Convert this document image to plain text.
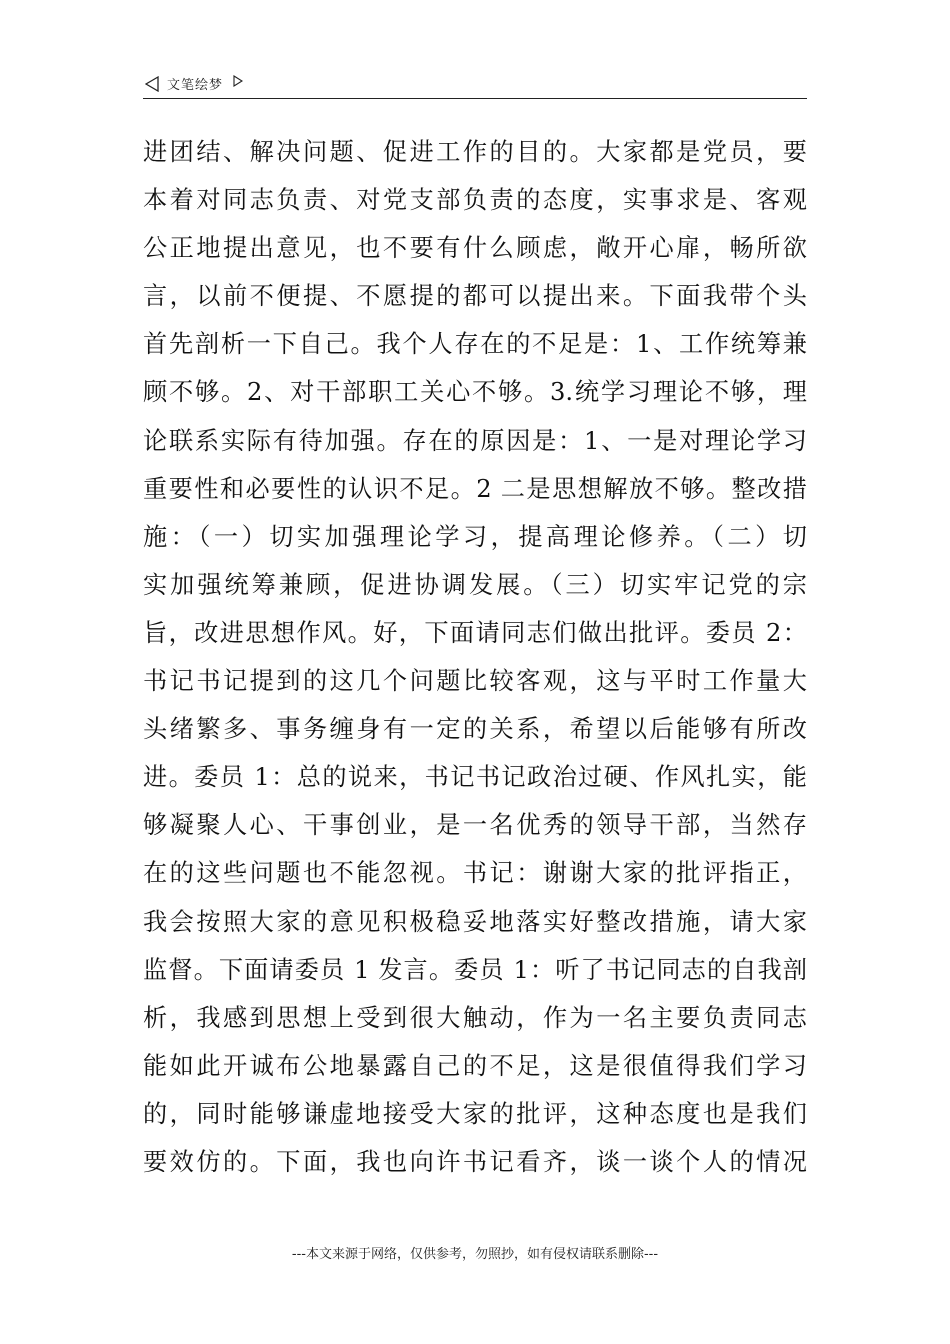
文笔绘梦
进团结、解决问题、促进工作的目的。大家都是党员，要
本着对同志负责、对党支部负责的态度，实事求是、客观
公正地提出意见，也不要有什么顾虑，敞开心扉，畅所欲
言，以前不便提、不愿提的都可以提出来。下面我带个头
首先剖析一下自己。我个人存在的不足是：1、工作统筹兼
顾不够。2、对干部职工关心不够。3.统学习理论不够，理
论联系实际有待加强。存在的原因是：1、一是对理论学习
重要性和必要性的认识不足。2 二是思想解放不够。整改措
施：（一）切实加强理论学习，提高理论修养。（二）切
实加强统筹兼顾，促进协调发展。（三）切实牢记党的宗
旨，改进思想作风。好，下面请同志们做出批评。委员 2：
书记书记提到的这几个问题比较客观，这与平时工作量大
头绪繁多、事务缠身有一定的关系，希望以后能够有所改
进。委员 1：总的说来，书记书记政治过硬、作风扎实，能
够凝聚人心、干事创业，是一名优秀的领导干部，当然存
在的这些问题也不能忽视。书记：谢谢大家的批评指正，
我会按照大家的意见积极稳妥地落实好整改措施，请大家
监督。下面请委员 1 发言。委员 1：听了书记同志的自我剖
析，我感到思想上受到很大触动，作为一名主要负责同志
能如此开诚布公地暴露自己的不足，这是很值得我们学习
的，同时能够谦虚地接受大家的批评，这种态度也是我们
要效仿的。下面，我也向许书记看齐，谈一谈个人的情况
---本文来源于网络，仅供参考，勿照抄，如有侵权请联系删除---
